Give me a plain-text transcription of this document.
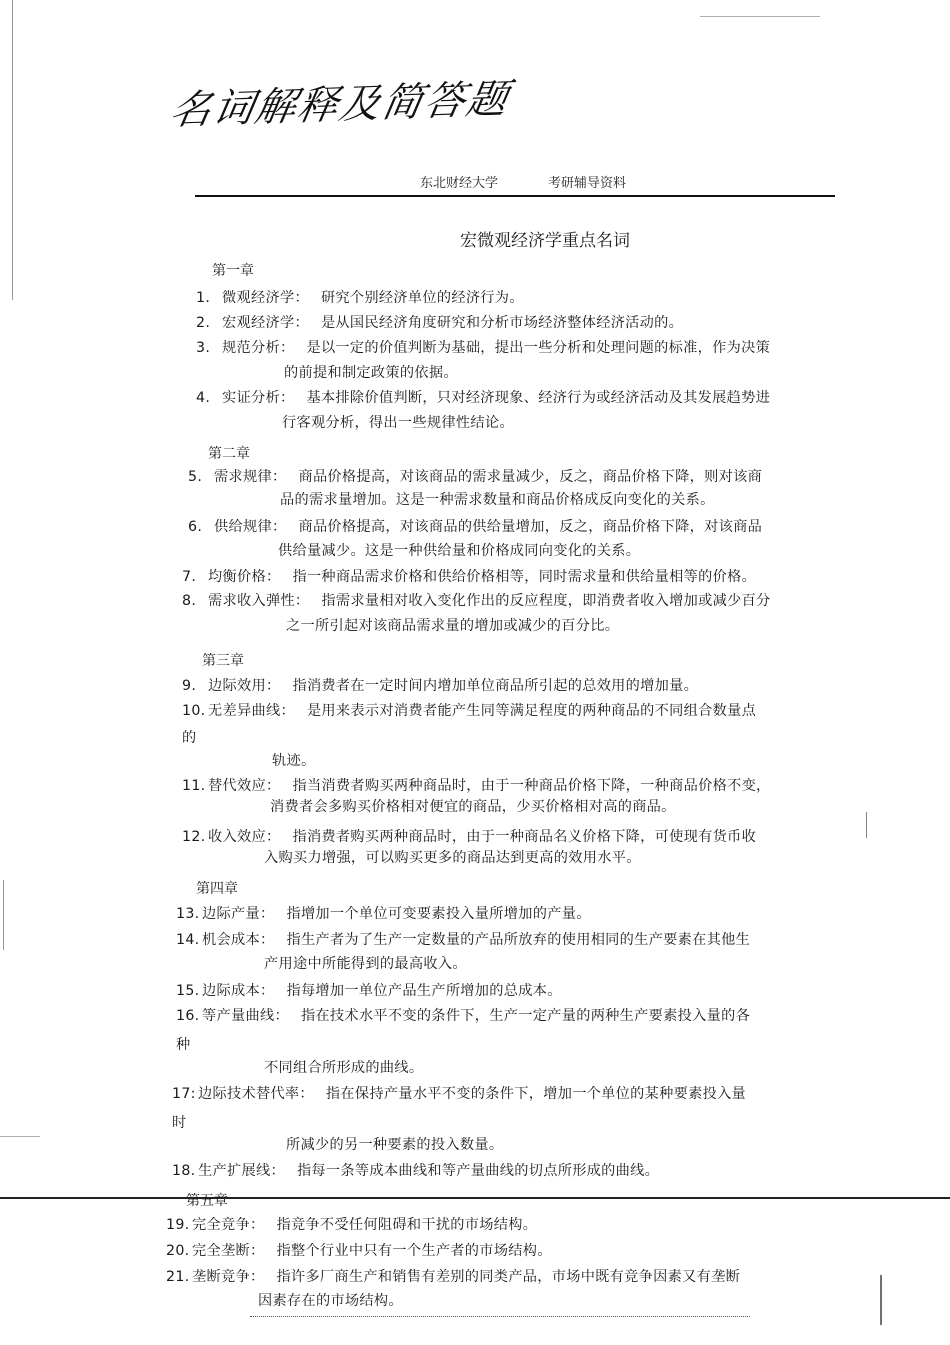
名词解释及简答题
东北财经大学	考研辅导资料
宏微观经济学重点名词
第一章
1. 微观经济学： 研究个别经济单位的经济行为。
2. 宏观经济学： 是从国民经济角度研究和分析市场经济整体经济活动的。
3. 规范分析： 是以一定的价值判断为基础，提出一些分析和处理问题的标准，作为决策
的前提和制定政策的依据。
4. 实证分析： 基本排除价值判断，只对经济现象、经济行为或经济活动及其发展趋势进
行客观分析，得出一些规律性结论。
第二章
5. 需求规律： 商品价格提高，对该商品的需求量减少，反之，商品价格下降，则对该商
品的需求量增加。这是一种需求数量和商品价格成反向变化的关系。
6. 供给规律： 商品价格提高，对该商品的供给量增加，反之，商品价格下降，对该商品
供给量减少。这是一种供给量和价格成同向变化的关系。
7. 均衡价格： 指一种商品需求价格和供给价格相等，同时需求量和供给量相等的价格。
8. 需求收入弹性： 指需求量相对收入变化作出的反应程度，即消费者收入增加或减少百分
之一所引起对该商品需求量的增加或减少的百分比。
第三章
9. 边际效用： 指消费者在一定时间内增加单位商品所引起的总效用的增加量。
10. 无差异曲线： 是用来表示对消费者能产生同等满足程度的两种商品的不同组合数量点
的
轨迹。
11. 替代效应： 指当消费者购买两种商品时，由于一种商品价格下降，一种商品价格不变，
消费者会多购买价格相对便宜的商品，少买价格相对高的商品。
12. 收入效应： 指消费者购买两种商品时，由于一种商品名义价格下降，可使现有货币收
入购买力增强，可以购买更多的商品达到更高的效用水平。
第四章
13. 边际产量： 指增加一个单位可变要素投入量所增加的产量。
14. 机会成本： 指生产者为了生产一定数量的产品所放弃的使用相同的生产要素在其他生
产用途中所能得到的最高收入。
15. 边际成本： 指每增加一单位产品生产所增加的总成本。
16. 等产量曲线： 指在技术水平不变的条件下，生产一定产量的两种生产要素投入量的各
种
不同组合所形成的曲线。
17: 边际技术替代率： 指在保持产量水平不变的条件下，增加一个单位的某种要素投入量
时
所减少的另一种要素的投入数量。
18. 生产扩展线： 指每一条等成本曲线和等产量曲线的切点所形成的曲线。
第五章
19. 完全竞争： 指竞争不受任何阻碍和干扰的市场结构。
20. 完全垄断： 指整个行业中只有一个生产者的市场结构。
21. 垄断竞争： 指许多厂商生产和销售有差别的同类产品，市场中既有竞争因素又有垄断
因素存在的市场结构。
